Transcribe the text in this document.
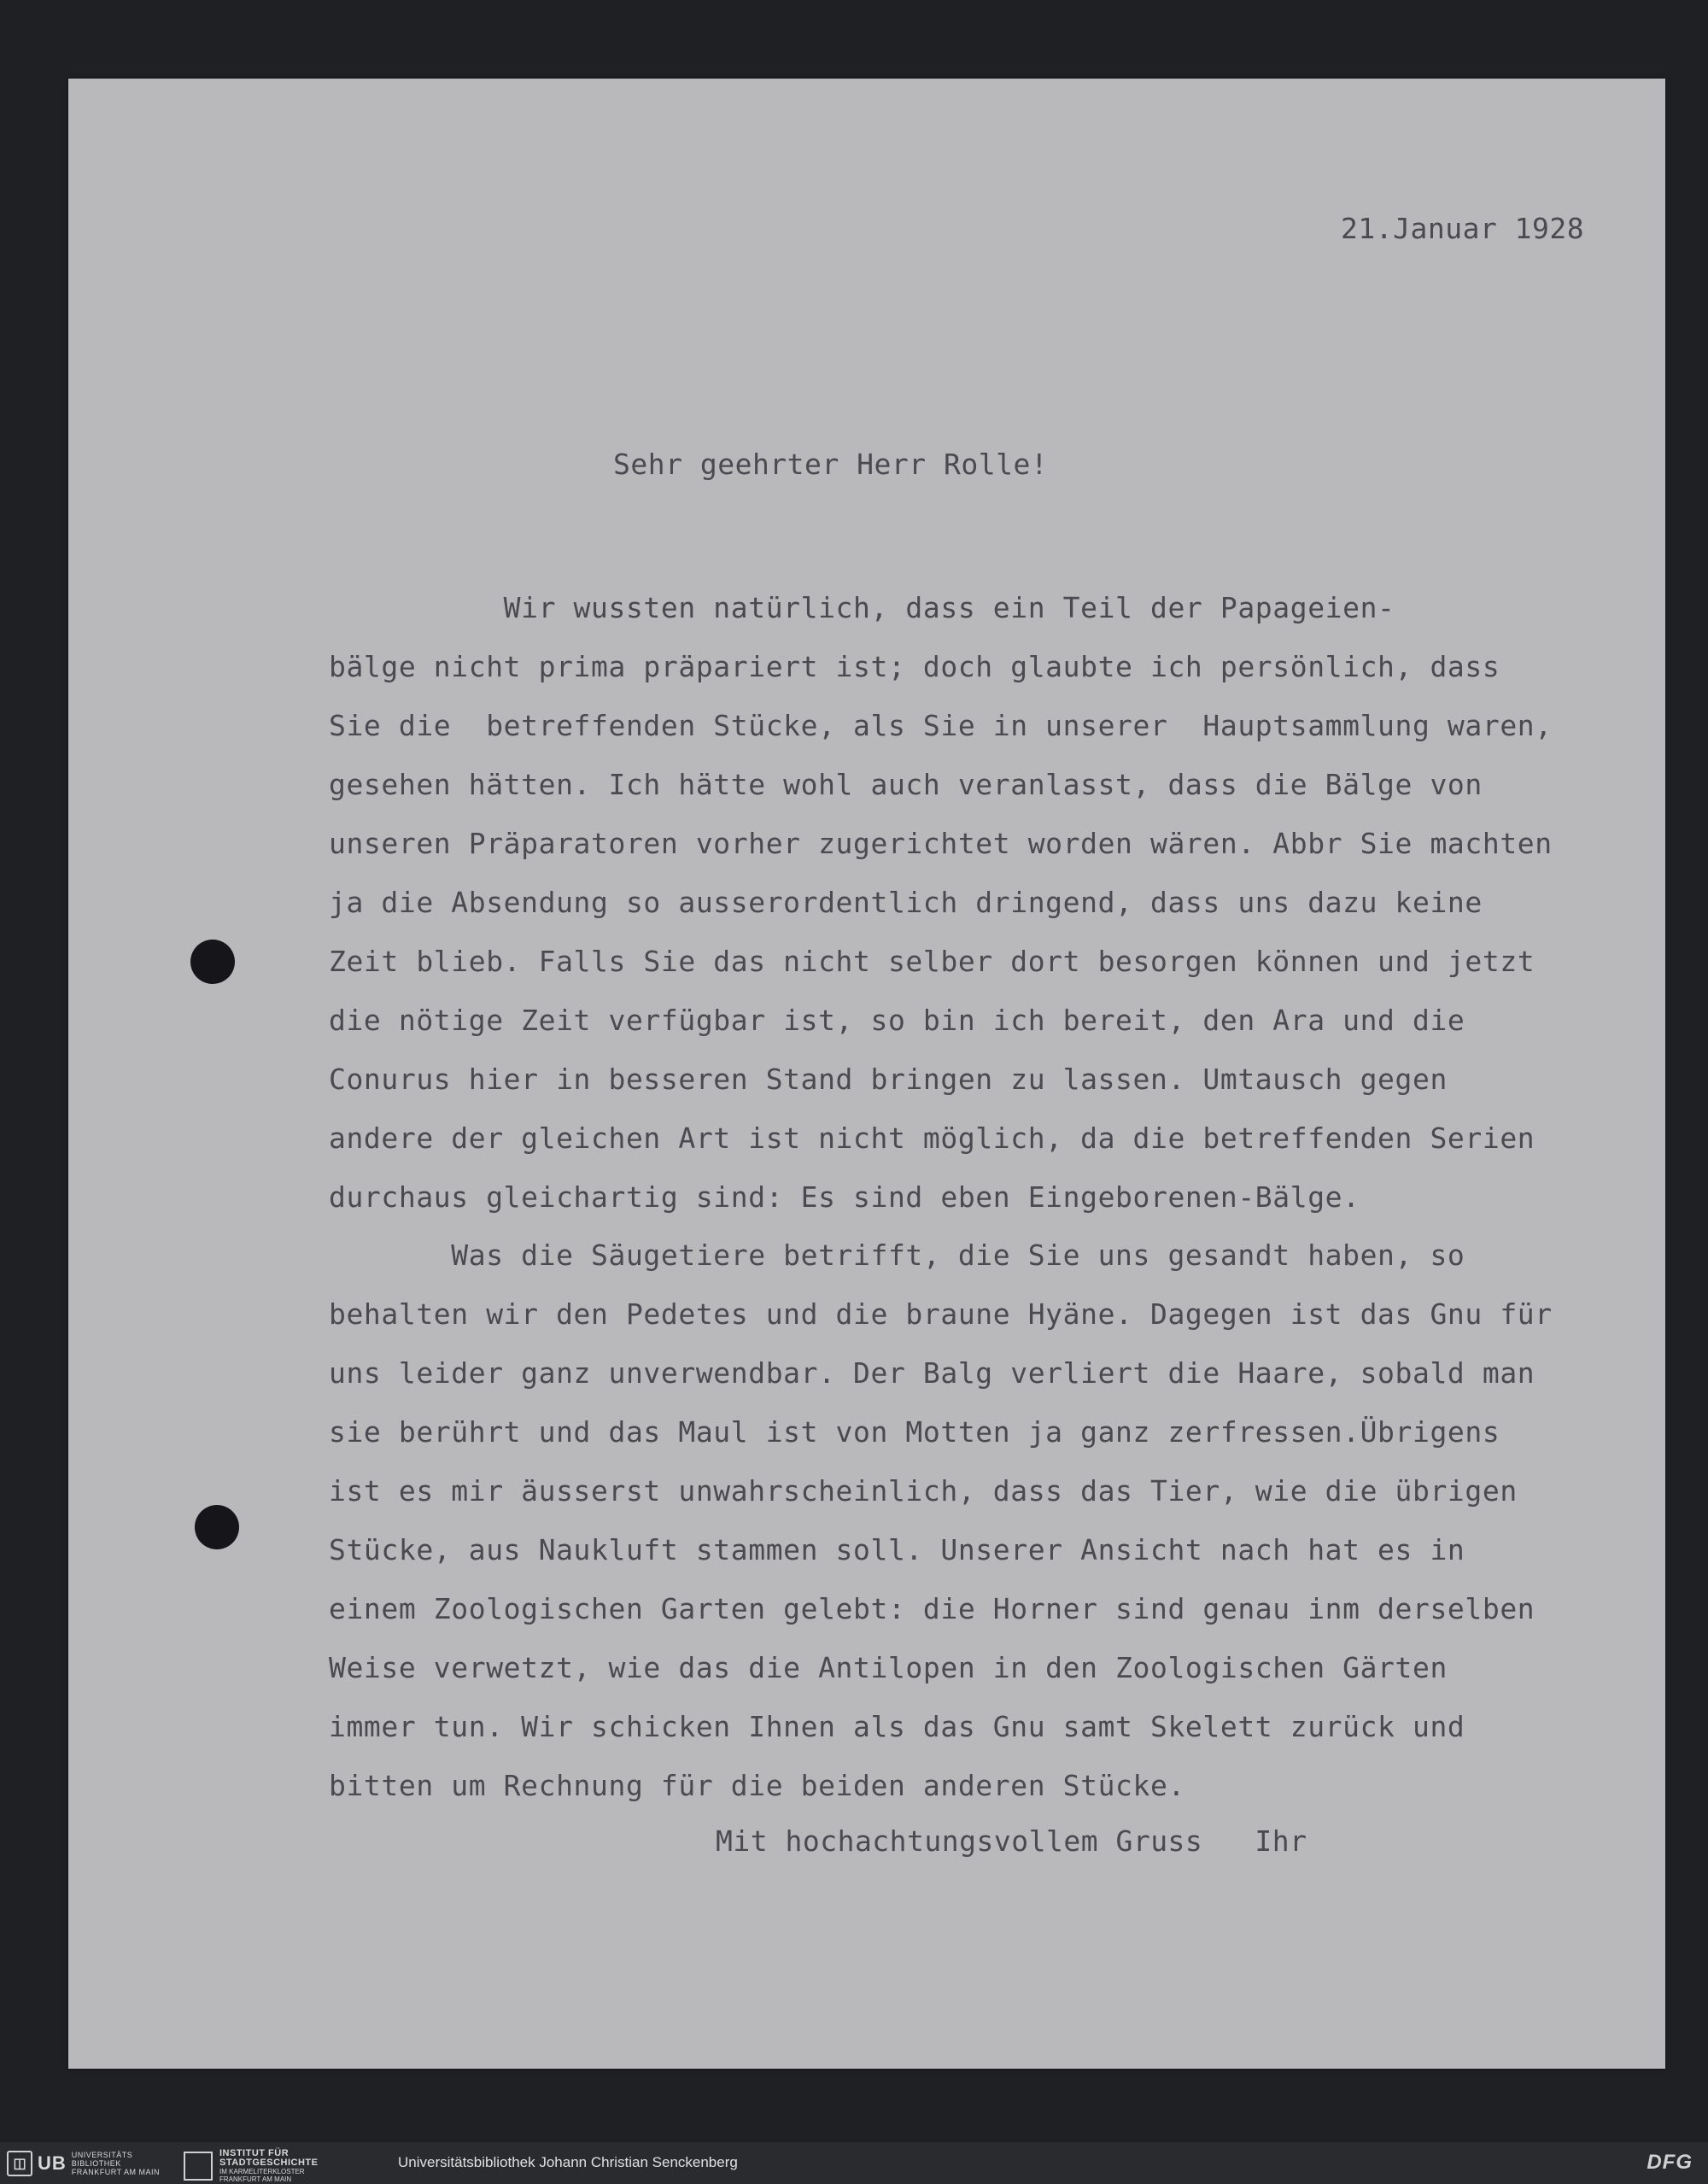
21.Januar 1928
Sehr geehrter Herr Rolle!
Wir wussten natürlich, dass ein Teil der Papageien-
bälge nicht prima präpariert ist; doch glaubte ich persönlich, dass
Sie die  betreffenden Stücke, als Sie in unserer  Hauptsammlung waren,
gesehen hätten. Ich hätte wohl auch veranlasst, dass die Bälge von
unseren Präparatoren vorher zugerichtet worden wären. Abbr Sie machten
ja die Absendung so ausserordentlich dringend, dass uns dazu keine
Zeit blieb. Falls Sie das nicht selber dort besorgen können und jetzt
die nötige Zeit verfügbar ist, so bin ich bereit, den Ara und die
Conurus hier in besseren Stand bringen zu lassen. Umtausch gegen
andere der gleichen Art ist nicht möglich, da die betreffenden Serien
durchaus gleichartig sind: Es sind eben Eingeborenen-Bälge.
Was die Säugetiere betrifft, die Sie uns gesandt haben, so
behalten wir den Pedetes und die braune Hyäne. Dagegen ist das Gnu für
uns leider ganz unverwendbar. Der Balg verliert die Haare, sobald man
sie berührt und das Maul ist von Motten ja ganz zerfressen.Übrigens
ist es mir äusserst unwahrscheinlich, dass das Tier, wie die übrigen
Stücke, aus Naukluft stammen soll. Unserer Ansicht nach hat es in
einem Zoologischen Garten gelebt: die Horner sind genau inm derselben
Weise verwetzt, wie das die Antilopen in den Zoologischen Gärten
immer tun. Wir schicken Ihnen als das Gnu samt Skelett zurück und
bitten um Rechnung für die beiden anderen Stücke.
Mit hochachtungsvollem Gruss   Ihr
◫ UB UNIVERSITÄTS
BIBLIOTHEK
FRANKFURT AM MAIN
INSTITUT FÜR
STADTGESCHICHTE
IM KARMELITERKLOSTER
FRANKFURT AM MAIN
Universitätsbibliothek Johann Christian Senckenberg	DFG
